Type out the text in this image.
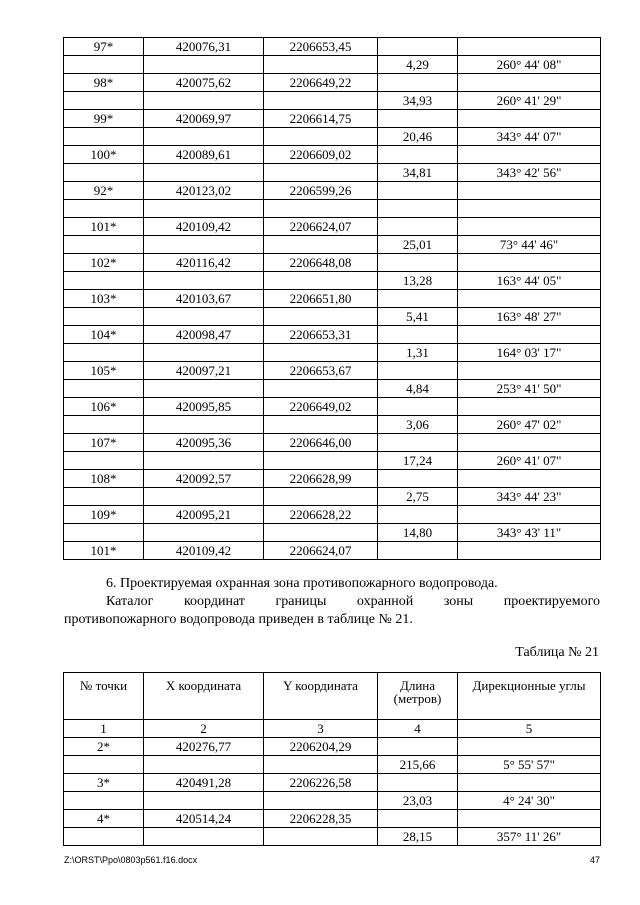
97*	420076,31	2206653,45		
			4,29	260° 44' 08"
98*	420075,62	2206649,22		
			34,93	260° 41' 29"
99*	420069,97	2206614,75		
			20,46	343° 44' 07"
100*	420089,61	2206609,02		
			34,81	343° 42' 56"
92*	420123,02	2206599,26		

101*	420109,42	2206624,07		
			25,01	73° 44' 46"
102*	420116,42	2206648,08		
			13,28	163° 44' 05"
103*	420103,67	2206651,80		
			5,41	163° 48' 27"
104*	420098,47	2206653,31		
			1,31	164° 03' 17"
105*	420097,21	2206653,67		
			4,84	253° 41' 50"
106*	420095,85	2206649,02		
			3,06	260° 47' 02"
107*	420095,36	2206646,00		
			17,24	260° 41' 07"
108*	420092,57	2206628,99		
			2,75	343° 44' 23"
109*	420095,21	2206628,22		
			14,80	343° 43' 11"
101*	420109,42	2206624,07		

6. Проектируемая охранная зона противопожарного водопровода.

Каталог координат границы охранной зоны проектируемого

противопожарного водопровода приведен в таблице № 21.

Таблица № 21
№ точки	X координата	Y координата	Длина (метров)	Дирекционные углы
1	2	3	4	5
2*	420276,77	2206204,29		
			215,66	5° 55' 57"
3*	420491,28	2206226,58		
			23,03	4° 24' 30"
4*	420514,24	2206228,35		
			28,15	357° 11' 26"
Z:\ORST\Ppo\0803p561.f16.docx	47
